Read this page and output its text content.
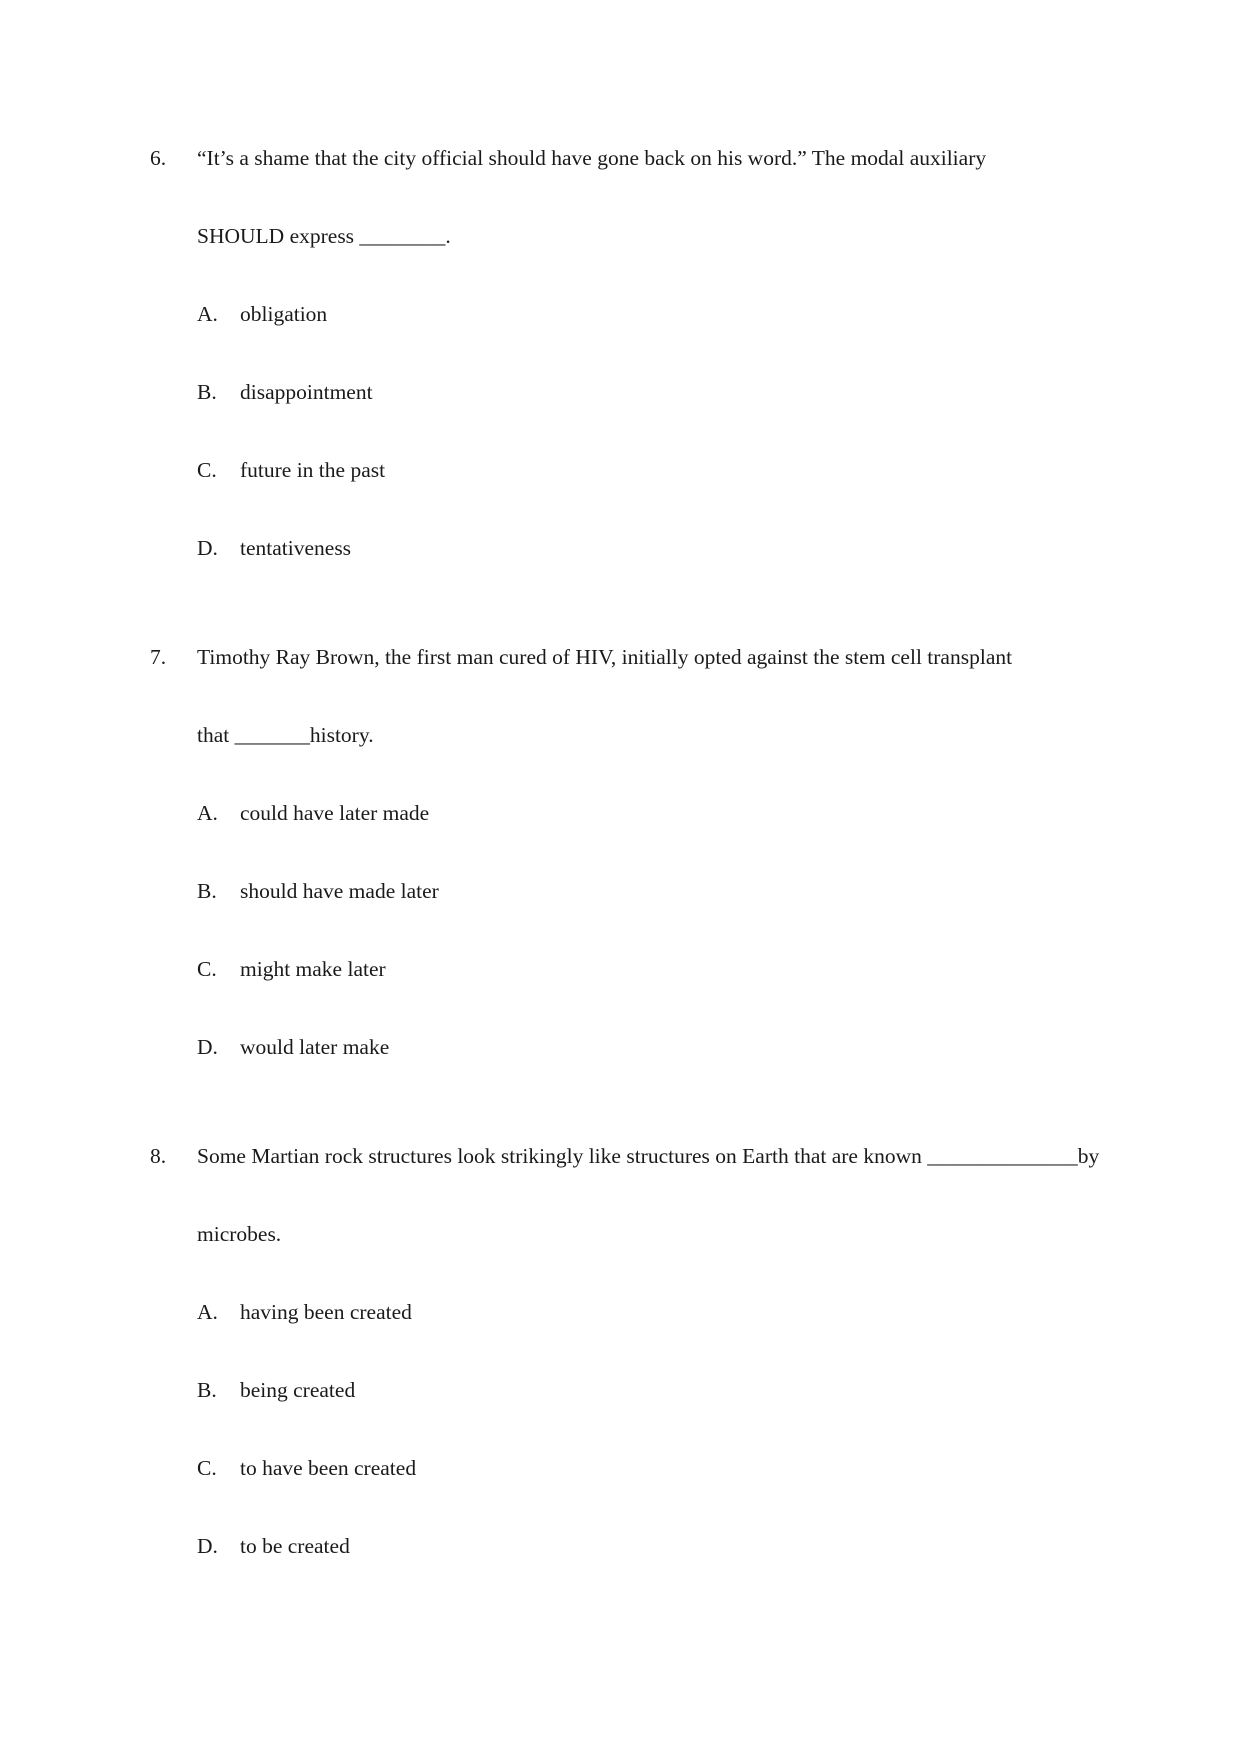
6. “It’s a shame that the city official should have gone back on his word.” The modal auxiliary
SHOULD express ________.
A. obligation
B. disappointment
C. future in the past
D. tentativeness
7. Timothy Ray Brown, the first man cured of HIV, initially opted against the stem cell transplant
that _______history.
A. could have later made
B. should have made later
C. might make later
D. would later make
8. Some Martian rock structures look strikingly like structures on Earth that are known ______________by
microbes.
A. having been created
B. being created
C. to have been created
D. to be created
